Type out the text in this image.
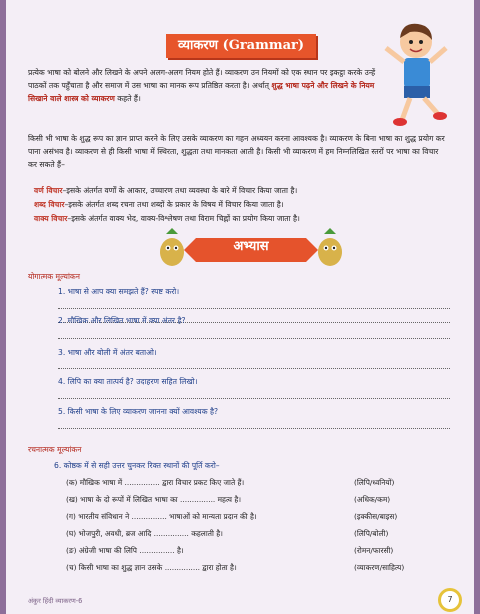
व्याकरण (Grammar)
प्रत्येक भाषा को बोलने और लिखने के अपने अलग-अलग नियम होते हैं। व्याकरण उन नियमों को एक स्थान पर इकट्ठा करके उन्हें पाठकों तक पहुँचाता है और समाज में उस भाषा का मानक रूप प्रतिष्ठित करता है। अर्थात् शुद्ध भाषा पढ़ने और लिखने के नियम सिखाने वाले शास्त्र को व्याकरण कहते हैं।
किसी भी भाषा के शुद्ध रूप का ज्ञान प्राप्त करने के लिए उसके व्याकरण का गहन अध्ययन करना आवश्यक है। व्याकरण के बिना भाषा का शुद्ध प्रयोग कर पाना असंभव है। व्याकरण से ही किसी भाषा में स्थिरता, शुद्धता तथा मानकता आती है। किसी भी व्याकरण में हम निम्नलिखित स्तरों पर भाषा का विचार कर सकते हैं–
वर्ण विचार–इसके अंतर्गत वर्णों के आकार, उच्चारण तथा व्यवस्था के बारे में विचार किया जाता है।
शब्द विचार–इसके अंतर्गत शब्द रचना तथा शब्दों के प्रकार के विषय में विचार किया जाता है।
वाक्य विचार–इसके अंतर्गत वाक्य भेद, वाक्य-विश्लेषण तथा विराम चिह्नों का प्रयोग किया जाता है।
अभ्यास
योगात्मक मूल्यांकन
1. भाषा से आप क्या समझते हैं? स्पष्ट करो।
2. मौखिक और लिखित भाषा में क्या अंतर है?
3. भाषा और बोली में अंतर बताओ।
4. लिपि का क्या तात्पर्य है? उदाहरण सहित लिखो।
5. किसी भाषा के लिए व्याकरण जानना क्यों आवश्यक है?
रचनात्मक मूल्यांकन
6. कोष्ठक में से सही उत्तर चुनकर रिक्त स्थानों की पूर्ति करो–
(क) मौखिक भाषा में ............... द्वारा विचार प्रकट किए जाते हैं।	(लिपि/ध्वनियों)
(ख) भाषा के दो रूपों में लिखित भाषा का ............... महत्व है।	(अधिक/कम)
(ग) भारतीय संविधान ने ............... भाषाओं को मान्यता प्रदान की है।	(इक्कीस/बाइस)
(घ) भोजपुरी, अवधी, ब्रज आदि ............... कहलाती है।	(लिपि/बोली)
(ङ) अंग्रेजी भाषा की लिपि ............... है।	(रोमन/फारसी)
(च) किसी भाषा का शुद्ध ज्ञान उसके ............... द्वारा होता है।	(व्याकरण/साहित्य)
अंकुर हिंदी व्याकरण-6	7
